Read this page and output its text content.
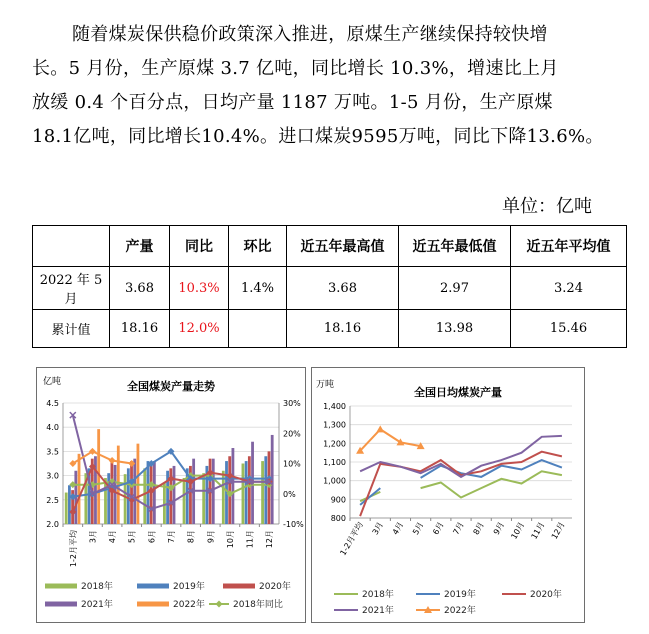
随着煤炭保供稳价政策深入推进，原煤生产继续保持较快增
长。5 月份，生产原煤 3.7 亿吨，同比增长 10.3%，增速比上月
放缓 0.4 个百分点，日均产量 1187 万吨。1-5 月份，生产原煤
18.1亿吨，同比增长10.4%。进口煤炭9595万吨，同比下降13.6%。
单位：亿吨
	产量	同比	环比	近五年最高值	近五年最低值	近五年平均值
2022 年 5 月	3.68	10.3%	1.4%	3.68	2.97	3.24
累计值	18.16	12.0%		18.16	13.98	15.46
全国煤炭产量走势
亿吨
2.0
2.5
3.0
3.5
4.0
4.5
-10%
0%
10%
20%
30%
1-2月平均 3月 4月 5月 6月 7月 8月 9月 10月 11月 12月
2018年	2019年	2020年
2021年	2022年	2018年同比
全国日均煤炭产量
万吨
800
900
1,000
1,100
1,200
1,300
1,400
1-2月平均 3月 4月 5月 6月 7月 8月 9月 10月 11月 12月
2018年	2019年	2020年
2021年	2022年
